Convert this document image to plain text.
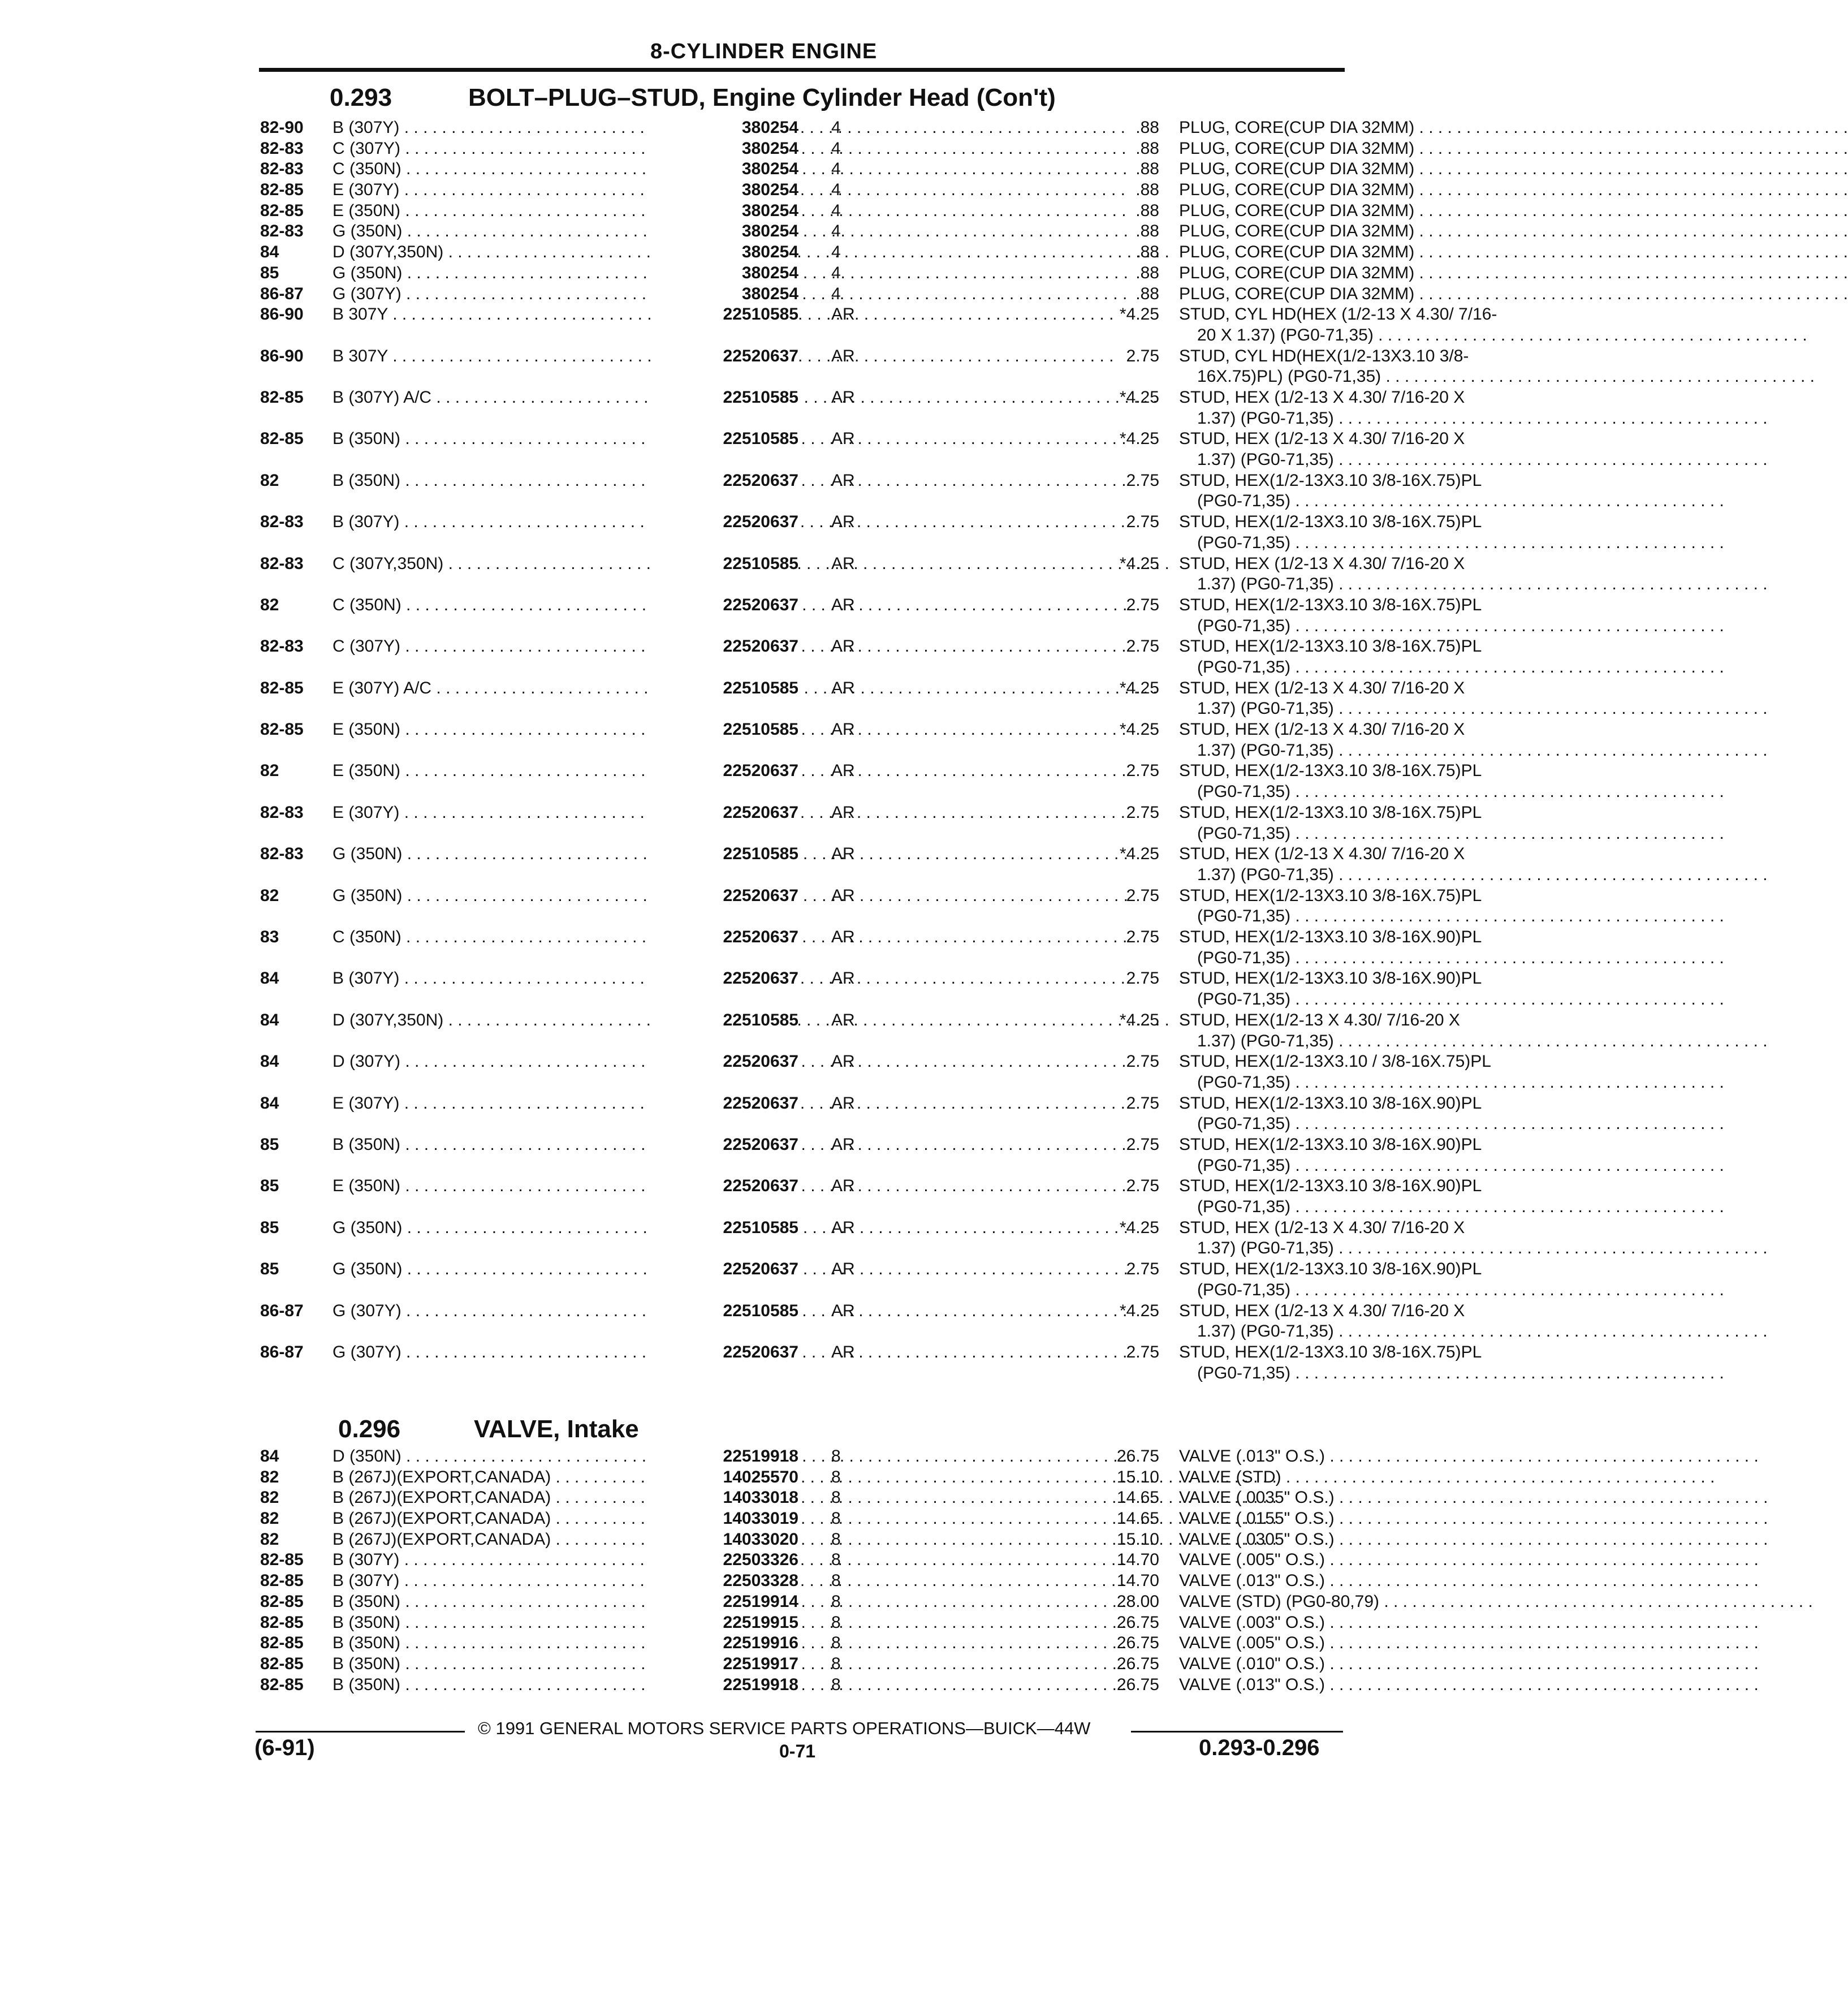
8-CYLINDER ENGINE
0.293	BOLT–PLUG–STUD, Engine Cylinder Head (Con't)
82-90	B (307Y) . . .	380254 4	.88 PLUG, CORE(CUP DIA 32MM) . . .
82-83	C (307Y) . . .	380254 4	.88 PLUG, CORE(CUP DIA 32MM) . . .
82-83	C (350N) . . .	380254 4	.88 PLUG, CORE(CUP DIA 32MM) . . .
82-85	E (307Y) . . .	380254 4	.88 PLUG, CORE(CUP DIA 32MM) . . .
82-85	E (350N) . . .	380254 4	.88 PLUG, CORE(CUP DIA 32MM) . . .
82-83	G (350N) . . .	380254 4	.88 PLUG, CORE(CUP DIA 32MM) . . .
84	D (307Y,350N) . . .	380254 4	.88 PLUG, CORE(CUP DIA 32MM) . . .
85	G (350N) . . .	380254 4	.88 PLUG, CORE(CUP DIA 32MM) . . .
86-87	G (307Y) . . .	380254 4	.88 PLUG, CORE(CUP DIA 32MM) . . .
86-90	B 307Y . . .	22510585 AR	*4.25 STUD, CYL HD(HEX (1/2-13 X 4.30/ 7/16-
20 X 1.37) (PG0-71,35) . . .
86-90	B 307Y . . .	22520637 AR	2.75 STUD, CYL HD(HEX(1/2-13X3.10 3/8-
16X.75)PL) (PG0-71,35) . . .
82-85	B (307Y) A/C . . .	22510585 AR	*4.25 STUD, HEX (1/2-13 X 4.30/ 7/16-20 X
1.37) (PG0-71,35) . . .
82-85	B (350N) . . .	22510585 AR	*4.25 STUD, HEX (1/2-13 X 4.30/ 7/16-20 X
1.37) (PG0-71,35) . . .
82	B (350N) . . .	22520637 AR	2.75 STUD, HEX(1/2-13X3.10 3/8-16X.75)PL
(PG0-71,35) . . .
82-83	B (307Y) . . .	22520637 AR	2.75 STUD, HEX(1/2-13X3.10 3/8-16X.75)PL
(PG0-71,35) . . .
82-83	C (307Y,350N) . . .	22510585 AR	*4.25 STUD, HEX (1/2-13 X 4.30/ 7/16-20 X
1.37) (PG0-71,35) . . .
82	C (350N) . . .	22520637 AR	2.75 STUD, HEX(1/2-13X3.10 3/8-16X.75)PL
(PG0-71,35) . . .
82-83	C (307Y) . . .	22520637 AR	2.75 STUD, HEX(1/2-13X3.10 3/8-16X.75)PL
(PG0-71,35) . . .
82-85	E (307Y) A/C . . .	22510585 AR	*4.25 STUD, HEX (1/2-13 X 4.30/ 7/16-20 X
1.37) (PG0-71,35) . . .
82-85	E (350N) . . .	22510585 AR	*4.25 STUD, HEX (1/2-13 X 4.30/ 7/16-20 X
1.37) (PG0-71,35) . . .
82	E (350N) . . .	22520637 AR	2.75 STUD, HEX(1/2-13X3.10 3/8-16X.75)PL
(PG0-71,35) . . .
82-83	E (307Y) . . .	22520637 AR	2.75 STUD, HEX(1/2-13X3.10 3/8-16X.75)PL
(PG0-71,35) . . .
82-83	G (350N) . . .	22510585 AR	*4.25 STUD, HEX (1/2-13 X 4.30/ 7/16-20 X
1.37) (PG0-71,35) . . .
82	G (350N) . . .	22520637 AR	2.75 STUD, HEX(1/2-13X3.10 3/8-16X.75)PL
(PG0-71,35) . . .
83	C (350N) . . .	22520637 AR	2.75 STUD, HEX(1/2-13X3.10 3/8-16X.90)PL
(PG0-71,35) . . .
84	B (307Y) . . .	22520637 AR	2.75 STUD, HEX(1/2-13X3.10 3/8-16X.90)PL
(PG0-71,35) . . .
84	D (307Y,350N) . . .	22510585 AR	*4.25 STUD, HEX(1/2-13 X 4.30/ 7/16-20 X
1.37) (PG0-71,35) . . .
84	D (307Y) . . .	22520637 AR	2.75 STUD, HEX(1/2-13X3.10 / 3/8-16X.75)PL
(PG0-71,35) . . .
84	E (307Y) . . .	22520637 AR	2.75 STUD, HEX(1/2-13X3.10 3/8-16X.90)PL
(PG0-71,35) . . .
85	B (350N) . . .	22520637 AR	2.75 STUD, HEX(1/2-13X3.10 3/8-16X.90)PL
(PG0-71,35) . . .
85	E (350N) . . .	22520637 AR	2.75 STUD, HEX(1/2-13X3.10 3/8-16X.90)PL
(PG0-71,35) . . .
85	G (350N) . . .	22510585 AR	*4.25 STUD, HEX (1/2-13 X 4.30/ 7/16-20 X
1.37) (PG0-71,35) . . .
85	G (350N) . . .	22520637 AR	2.75 STUD, HEX(1/2-13X3.10 3/8-16X.90)PL
(PG0-71,35) . . .
86-87	G (307Y) . . .	22510585 AR	*4.25 STUD, HEX (1/2-13 X 4.30/ 7/16-20 X
1.37) (PG0-71,35) . . .
86-87	G (307Y) . . .	22520637 AR	2.75 STUD, HEX(1/2-13X3.10 3/8-16X.75)PL
(PG0-71,35) . . .
0.296	VALVE, Intake
84	D (350N) . . .	22519918 8	26.75 VALVE (.013" O.S.) . . .
82	B (267J)(EXPORT,CANADA) . . .	14025570 8	15.10 VALVE (STD) . . .
82	B (267J)(EXPORT,CANADA) . . .	14033018 8	14.65 VALVE (.0035" O.S.) . . .
82	B (267J)(EXPORT,CANADA) . . .	14033019 8	14.65 VALVE (.0155" O.S.) . . .
82	B (267J)(EXPORT,CANADA) . . .	14033020 8	15.10 VALVE (.0305" O.S.) . . .
82-85	B (307Y) . . .	22503326 8	14.70 VALVE (.005" O.S.) . . .
82-85	B (307Y) . . .	22503328 8	14.70 VALVE (.013" O.S.) . . .
82-85	B (350N) . . .	22519914 8	28.00 VALVE (STD) (PG0-80,79) . . .
82-85	B (350N) . . .	22519915 8	26.75 VALVE (.003" O.S.) . . .
82-85	B (350N) . . .	22519916 8	26.75 VALVE (.005" O.S.) . . .
82-85	B (350N) . . .	22519917 8	26.75 VALVE (.010" O.S.) . . .
82-85	B (350N) . . .	22519918 8	26.75 VALVE (.013" O.S.) . . .
© 1991 GENERAL MOTORS SERVICE PARTS OPERATIONS—BUICK—44W
(6-91)	0-71	0.293-0.296
